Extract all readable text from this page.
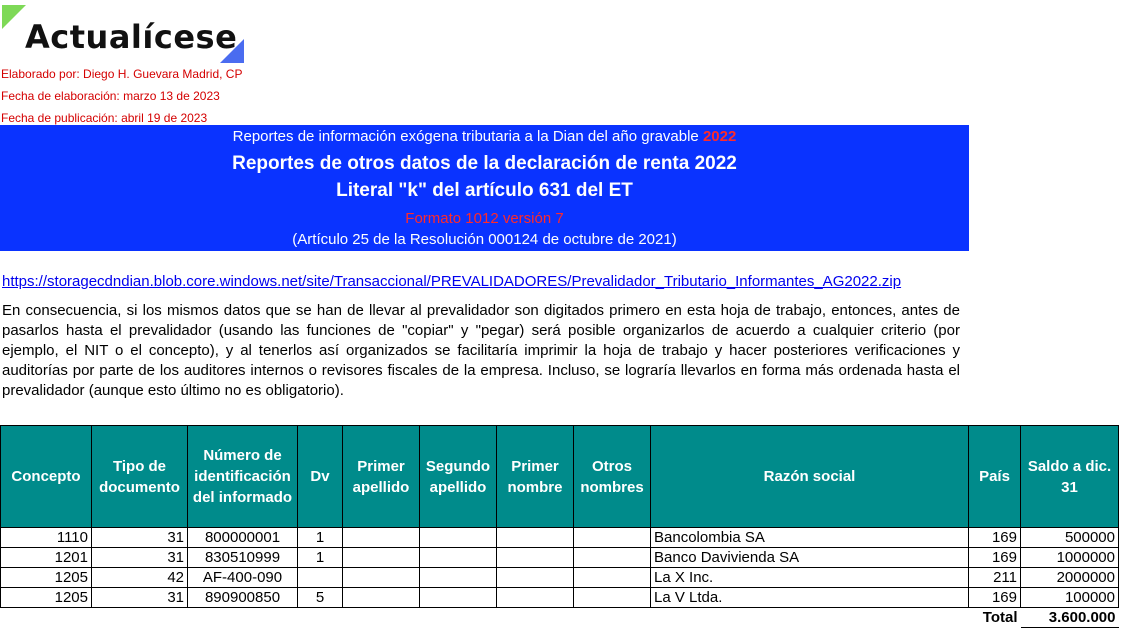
Actualícese
Elaborado por: Diego H. Guevara Madrid, CP
Fecha de elaboración: marzo 13 de 2023
Fecha de publicación: abril 19 de 2023
Reportes de información exógena tributaria a la Dian del año gravable 2022
Reportes de otros datos de la declaración de renta 2022
Literal "k" del artículo 631 del ET
Formato 1012 versión 7
(Artículo 25 de la Resolución 000124 de octubre de 2021)
https://storagecdndian.blob.core.windows.net/site/Transaccional/PREVALIDADORES/Prevalidador_Tributario_Informantes_AG2022.zip
En consecuencia, si los mismos datos que se han de llevar al prevalidador son digitados primero en esta hoja de trabajo, entonces, antes de pasarlos hasta el prevalidador (usando las funciones de "copiar" y "pegar) será posible organizarlos de acuerdo a cualquier criterio (por ejemplo, el NIT o el concepto), y al tenerlos así organizados se facilitaría imprimir la hoja de trabajo y hacer posteriores verificaciones y auditorías por parte de los auditores internos o revisores fiscales de la empresa. Incluso, se lograría llevarlos en forma más ordenada hasta el prevalidador (aunque esto último no es obligatorio).
Concepto	Tipo de documento	Número de identificación del informado	Dv	Primer apellido	Segundo apellido	Primer nombre	Otros nombres	Razón social	País	Saldo a dic. 31
1110	31	800000001	1					Bancolombia SA	169	500000
1201	31	830510999	1					Banco Davivienda SA	169	1000000
1205	42	AF-400-090						La X Inc.	211	2000000
1205	31	890900850	5					La V Ltda.	169	100000
									Total	3.600.000
